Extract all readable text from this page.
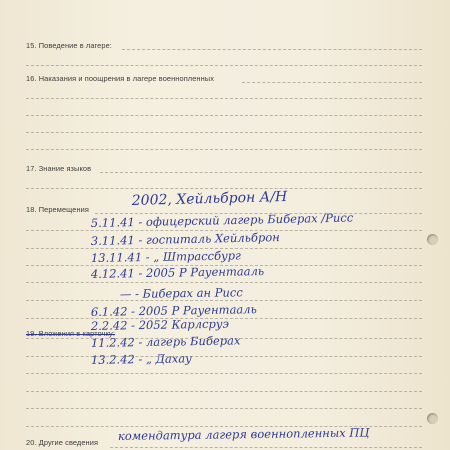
15. Поведение в лагере:
16. Наказания и поощрения в лагере военнопленных
17. Знание языков
18. Перемещения
2002, Хейльброн А/Н
5.11.41 - офицерский лагерь Биберах /Рисс
3.11.41 - госпиталь Хейльброн
13.11.41 - „ Штрассбург
4.12.41 - 2005 Р Рауентааль
— - Биберах ан Рисс
6.1.42 - 2005 Р Рауентааль
19. Вложения в карточку:
2.2.42 - 2052 Карлсруэ
11.2.42 - лагерь Биберах
13.2.42 - „ Дахау
20. Другие сведения комендатура лагеря военнопленных ПЦ
